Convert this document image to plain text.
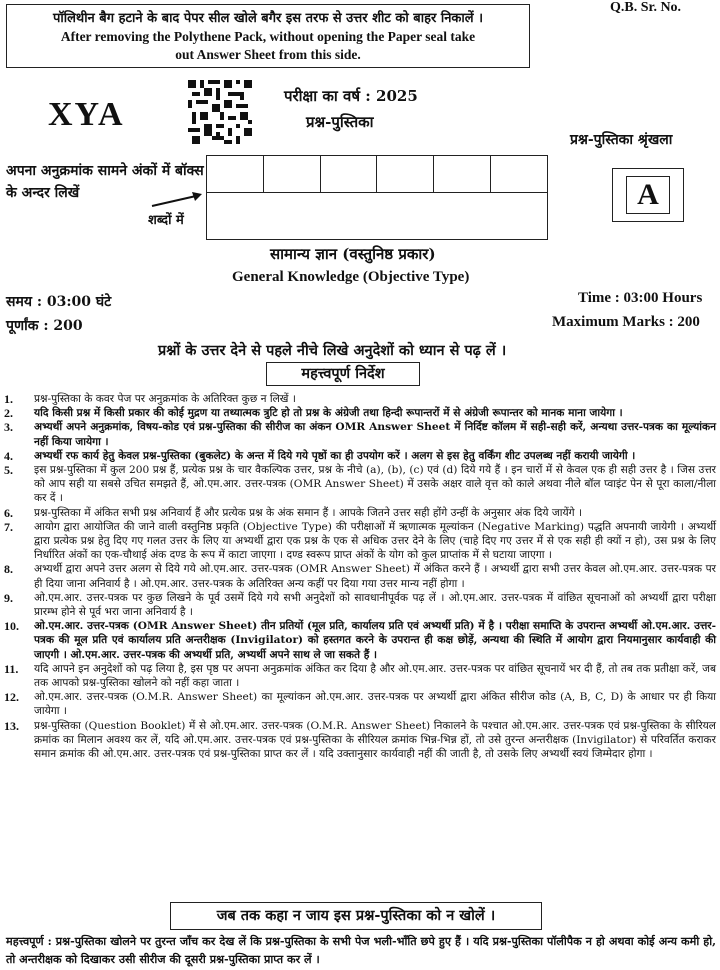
पॉलिथीन बैग हटाने के बाद पेपर सील खोले बगैर इस तरफ से उत्तर शीट को बाहर निकालें ।
After removing the Polythene Pack, without opening the Paper seal take
out Answer Sheet from this side.
Q.B. Sr. No.
XYA	परीक्षा का वर्ष : 2025
प्रश्न-पुस्तिका
प्रश्न-पुस्तिका श्रृंखला
A
अपना अनुक्रमांक सामने अंकों में बॉक्स के अन्दर लिखें
शब्दों में
सामान्य ज्ञान (वस्तुनिष्ठ प्रकार)
General Knowledge (Objective Type)
समय : 03:00 घंटे	Time : 03:00 Hours
पूर्णांक : 200	Maximum Marks : 200
प्रश्नों के उत्तर देने से पहले नीचे लिखे अनुदेशों को ध्यान से पढ़ लें ।
महत्त्वपूर्ण निर्देश
1.	प्रश्न-पुस्तिका के कवर पेज पर अनुक्रमांक के अतिरिक्त कुछ न लिखें ।
2.	यदि किसी प्रश्न में किसी प्रकार की कोई मुद्रण या तथ्यात्मक त्रुटि हो तो प्रश्न के अंग्रेजी तथा हिन्दी रूपान्तरों में से अंग्रेजी रूपान्तर को मानक माना जायेगा ।
3.	अभ्यर्थी अपने अनुक्रमांक, विषय-कोड एवं प्रश्न-पुस्तिका की सीरीज का अंकन OMR Answer Sheet में निर्दिष्ट कॉलम में सही-सही करें, अन्यथा उत्तर-पत्रक का मूल्यांकन नहीं किया जायेगा ।
4.	अभ्यर्थी रफ कार्य हेतु केवल प्रश्न-पुस्तिका (बुकलेट) के अन्त में दिये गये पृष्ठों का ही उपयोग करें । अलग से इस हेतु वर्किंग शीट उपलब्ध नहीं करायी जायेगी ।
5.	इस प्रश्न-पुस्तिका में कुल 200 प्रश्न हैं, प्रत्येक प्रश्न के चार वैकल्पिक उत्तर, प्रश्न के नीचे (a), (b), (c) एवं (d) दिये गये हैं । इन चारों में से केवल एक ही सही उत्तर है । जिस उत्तर को आप सही या सबसे उचित समझते हैं, ओ.एम.आर. उत्तर-पत्रक (OMR Answer Sheet) में उसके अक्षर वाले वृत्त को काले अथवा नीले बॉल प्वाइंट पेन से पूरा काला/नीला कर दें ।
6.	प्रश्न-पुस्तिका में अंकित सभी प्रश्न अनिवार्य हैं और प्रत्येक प्रश्न के अंक समान हैं । आपके जितने उत्तर सही होंगे उन्हीं के अनुसार अंक दिये जायेंगे ।
7.	आयोग द्वारा आयोजित की जाने वाली वस्तुनिष्ठ प्रकृति (Objective Type) की परीक्षाओं में ऋणात्मक मूल्यांकन (Negative Marking) पद्धति अपनायी जायेगी । अभ्यर्थी द्वारा प्रत्येक प्रश्न हेतु दिए गए गलत उत्तर के लिए या अभ्यर्थी द्वारा एक प्रश्न के एक से अधिक उत्तर देने के लिए (चाहे दिए गए उत्तर में से एक सही ही क्यों न हो), उस प्रश्न के लिए निर्धारित अंकों का एक-चौथाई अंक दण्ड के रूप में काटा जाएगा । दण्ड स्वरूप प्राप्त अंकों के योग को कुल प्राप्तांक में से घटाया जाएगा ।
8.	अभ्यर्थी द्वारा अपने उत्तर अलग से दिये गये ओ.एम.आर. उत्तर-पत्रक (OMR Answer Sheet) में अंकित करने हैं । अभ्यर्थी द्वारा सभी उत्तर केवल ओ.एम.आर. उत्तर-पत्रक पर ही दिया जाना अनिवार्य है । ओ.एम.आर. उत्तर-पत्रक के अतिरिक्त अन्य कहीं पर दिया गया उत्तर मान्य नहीं होगा ।
9.	ओ.एम.आर. उत्तर-पत्रक पर कुछ लिखने के पूर्व उसमें दिये गये सभी अनुदेशों को सावधानीपूर्वक पढ़ लें । ओ.एम.आर. उत्तर-पत्रक में वांछित सूचनाओं को अभ्यर्थी द्वारा परीक्षा प्रारम्भ होने से पूर्व भरा जाना अनिवार्य है ।
10.	ओ.एम.आर. उत्तर-पत्रक (OMR Answer Sheet) तीन प्रतियों (मूल प्रति, कार्यालय प्रति एवं अभ्यर्थी प्रति) में है । परीक्षा समाप्ति के उपरान्त अभ्यर्थी ओ.एम.आर. उत्तर-पत्रक की मूल प्रति एवं कार्यालय प्रति अन्तरीक्षक (Invigilator) को हस्तगत करने के उपरान्त ही कक्ष छोड़ें, अन्यथा की स्थिति में आयोग द्वारा नियमानुसार कार्यवाही की जाएगी । ओ.एम.आर. उत्तर-पत्रक की अभ्यर्थी प्रति, अभ्यर्थी अपने साथ ले जा सकते हैं ।
11.	यदि आपने इन अनुदेशों को पढ़ लिया है, इस पृष्ठ पर अपना अनुक्रमांक अंकित कर दिया है और ओ.एम.आर. उत्तर-पत्रक पर वांछित सूचनायें भर दी हैं, तो तब तक प्रतीक्षा करें, जब तक आपको प्रश्न-पुस्तिका खोलने को नहीं कहा जाता ।
12.	ओ.एम.आर. उत्तर-पत्रक (O.M.R. Answer Sheet) का मूल्यांकन ओ.एम.आर. उत्तर-पत्रक पर अभ्यर्थी द्वारा अंकित सीरीज कोड (A, B, C, D) के आधार पर ही किया जायेगा ।
13.	प्रश्न-पुस्तिका (Question Booklet) में से ओ.एम.आर. उत्तर-पत्रक (O.M.R. Answer Sheet) निकालने के पश्चात ओ.एम.आर. उत्तर-पत्रक एवं प्रश्न-पुस्तिका के सीरियल क्रमांक का मिलान अवश्य कर लें, यदि ओ.एम.आर. उत्तर-पत्रक एवं प्रश्न-पुस्तिका के सीरियल क्रमांक भिन्न-भिन्न हों, तो उसे तुरन्त अन्तरीक्षक (Invigilator) से परिवर्तित कराकर समान क्रमांक की ओ.एम.आर. उत्तर-पत्रक एवं प्रश्न-पुस्तिका प्राप्त कर लें । यदि उक्तानुसार कार्यवाही नहीं की जाती है, तो उसके लिए अभ्यर्थी स्वयं जिम्मेदार होगा ।
जब तक कहा न जाय इस प्रश्न-पुस्तिका को न खोलें ।
महत्त्वपूर्ण : प्रश्न-पुस्तिका खोलने पर तुरन्त जाँच कर देख लें कि प्रश्न-पुस्तिका के सभी पेज भली-भाँति छपे हुए हैं । यदि प्रश्न-पुस्तिका पॉलीपैक न हो अथवा कोई अन्य कमी हो, तो अन्तरीक्षक को दिखाकर उसी सीरीज की दूसरी प्रश्न-पुस्तिका प्राप्त कर लें ।
